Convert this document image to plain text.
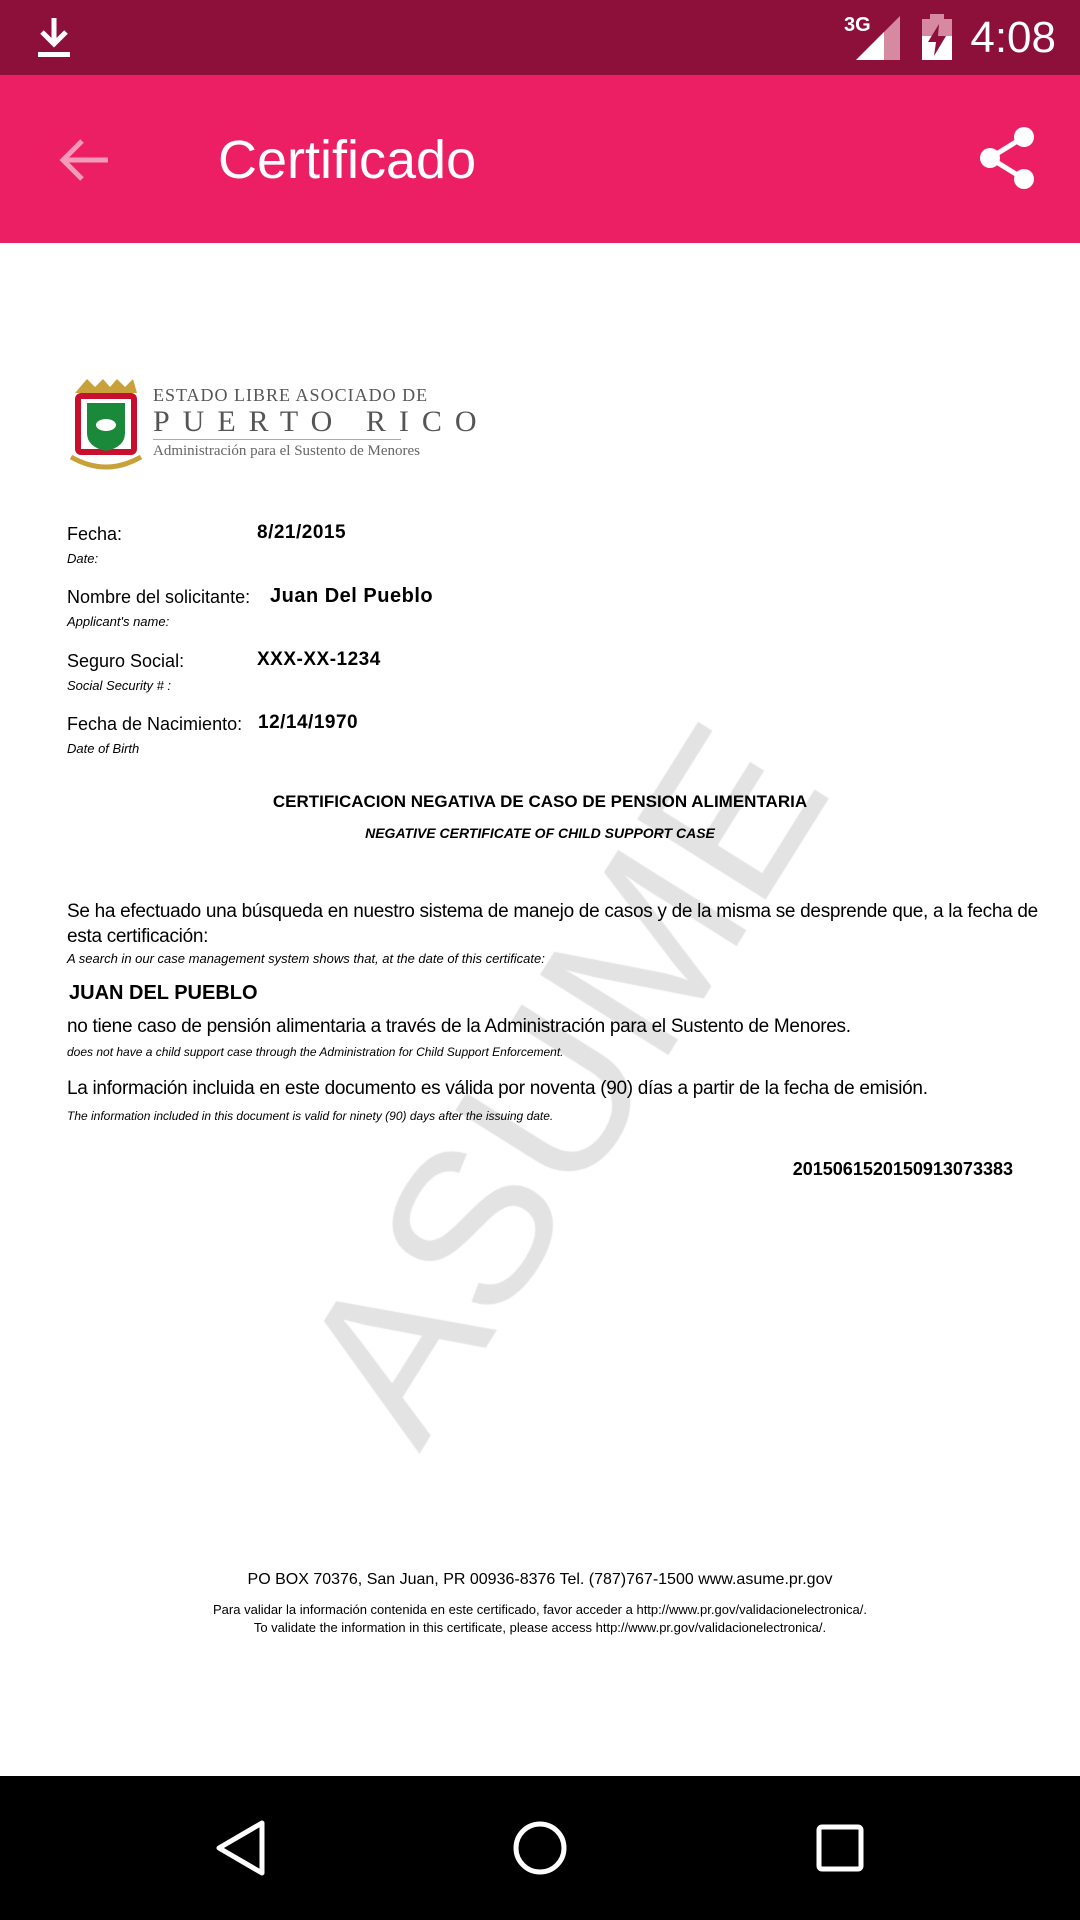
3G 4:08
Certificado
ESTADO LIBRE ASOCIADO DE
PUERTO RICO
Administración para el Sustento de Menores
Fecha:
Date:
8/21/2015
Nombre del solicitante:
Applicant's name:
Juan Del Pueblo
Seguro Social:
Social Security # :
XXX-XX-1234
Fecha de Nacimiento:
Date of Birth
12/14/1970
CERTIFICACION NEGATIVA DE CASO DE PENSION ALIMENTARIA
NEGATIVE CERTIFICATE OF CHILD SUPPORT CASE
Se ha efectuado una búsqueda en nuestro sistema de manejo de casos y de la misma se desprende que, a la fecha de
esta certificación:
A search in our case management system shows that, at the date of this certificate:
JUAN DEL PUEBLO
no tiene caso de pensión alimentaria a través de la Administración para el Sustento de Menores.
does not have a child support case through the Administration for Child Support Enforcement.
La información incluida en este documento es válida por noventa (90) días a partir de la fecha de emisión.
The information included in this document is valid for ninety (90) days after the issuing date.
2015061520150913073383
PO BOX 70376, San Juan, PR 00936-8376 Tel. (787)767-1500 www.asume.pr.gov
Para validar la información contenida en este certificado, favor acceder a http://www.pr.gov/validacionelectronica/.
To validate the information in this certificate, please access http://www.pr.gov/validacionelectronica/.
